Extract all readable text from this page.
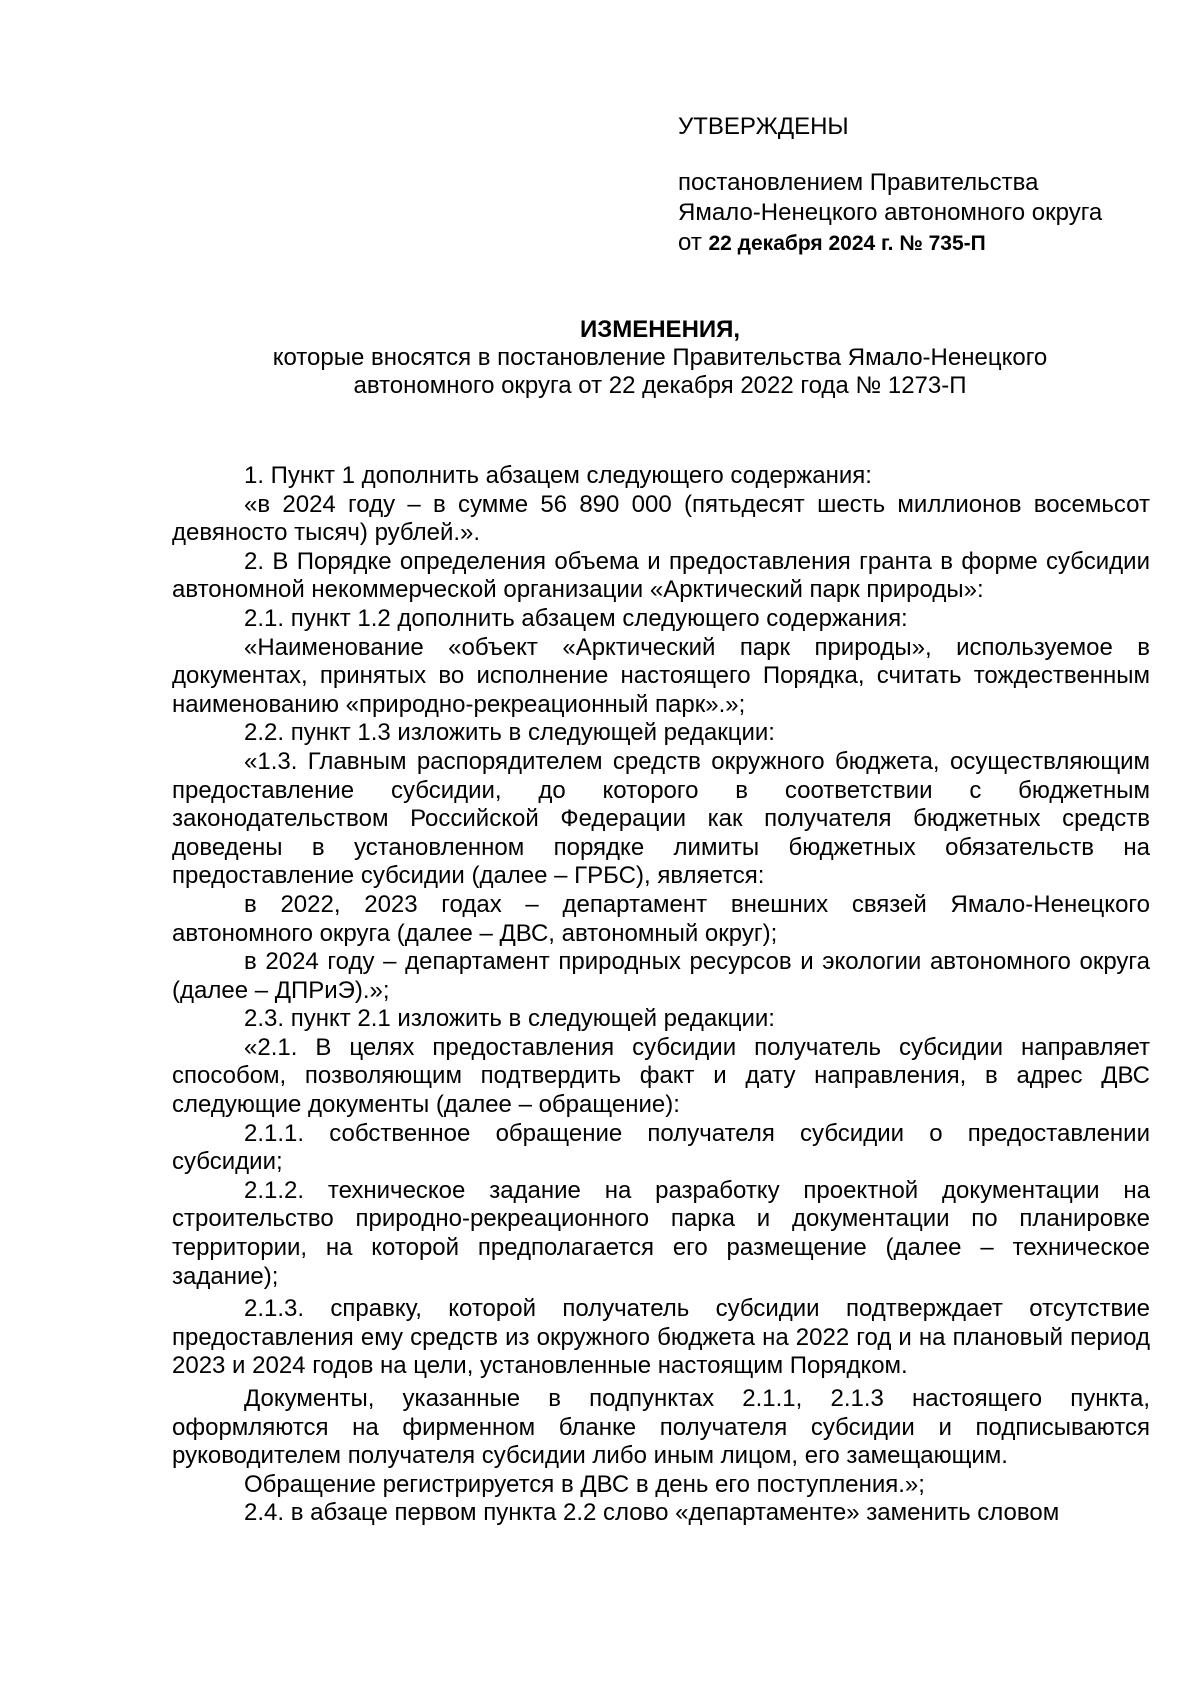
УТВЕРЖДЕНЫ
постановлением Правительства
Ямало-Ненецкого автономного округа
от 22 декабря 2024 г. № 735-П
ИЗМЕНЕНИЯ,
которые вносятся в постановление Правительства Ямало-Ненецкого
автономного округа от 22 декабря 2022 года № 1273-П

1. Пункт 1 дополнить абзацем следующего содержания:

«в 2024 году – в сумме 56 890 000 (пятьдесят шесть миллионов восемьсот девяносто тысяч) рублей.».

2. В Порядке определения объема и предоставления гранта в форме субсидии автономной некоммерческой организации «Арктический парк природы»:

2.1. пункт 1.2 дополнить абзацем следующего содержания:

«Наименование «объект «Арктический парк природы», используемое в документах, принятых во исполнение настоящего Порядка, считать тождественным наименованию «природно-рекреационный парк».»;

2.2. пункт 1.3 изложить в следующей редакции:

«1.3. Главным распорядителем средств окружного бюджета, осуществляющим предоставление субсидии, до которого в соответствии с бюджетным законодательством Российской Федерации как получателя бюджетных средств доведены в установленном порядке лимиты бюджетных обязательств на предоставление субсидии (далее – ГРБС), является:

в 2022, 2023 годах – департамент внешних связей Ямало-Ненецкого автономного округа (далее – ДВС, автономный округ);

в 2024 году – департамент природных ресурсов и экологии автономного округа (далее – ДПРиЭ).»;

2.3. пункт 2.1 изложить в следующей редакции:

«2.1. В целях предоставления субсидии получатель субсидии направляет способом, позволяющим подтвердить факт и дату направления, в адрес ДВС следующие документы (далее – обращение):

2.1.1. собственное обращение получателя субсидии о предоставлении субсидии;

2.1.2. техническое задание на разработку проектной документации на строительство природно-рекреационного парка и документации по планировке территории, на которой предполагается его размещение (далее – техническое задание);

2.1.3. справку, которой получатель субсидии подтверждает отсутствие предоставления ему средств из окружного бюджета на 2022 год и на плановый период 2023 и 2024 годов на цели, установленные настоящим Порядком.

Документы, указанные в подпунктах 2.1.1, 2.1.3 настоящего пункта, оформляются на фирменном бланке получателя субсидии и подписываются руководителем получателя субсидии либо иным лицом, его замещающим.

Обращение регистрируется в ДВС в день его поступления.»;

2.4. в абзаце первом пункта 2.2 слово «департаменте» заменить словом
